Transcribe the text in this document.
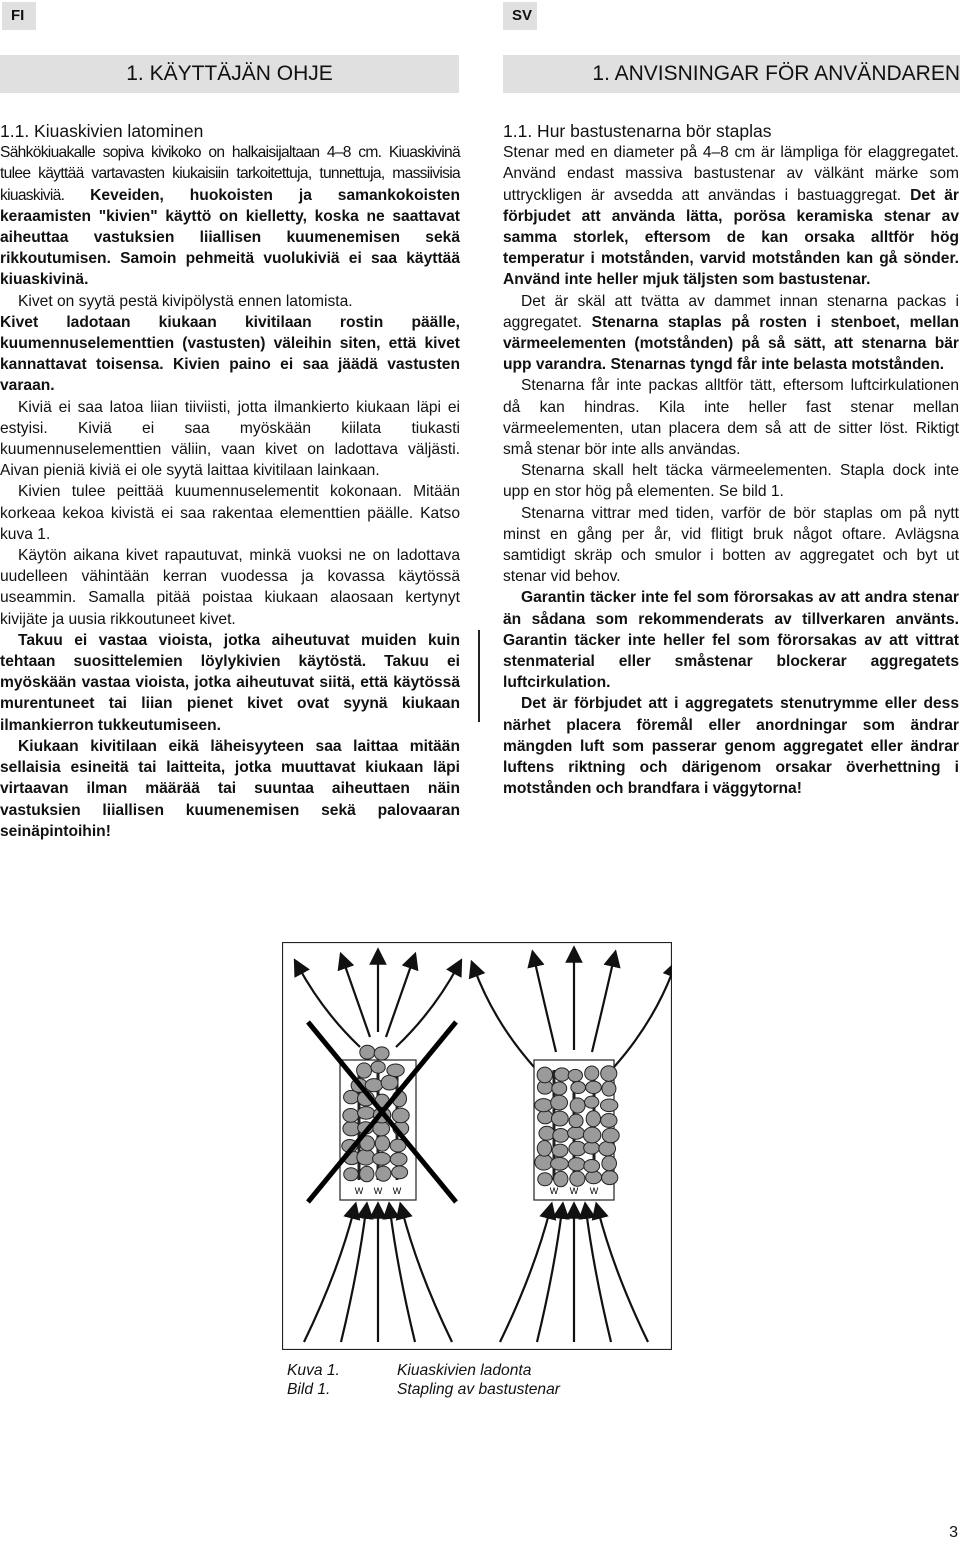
FI	SV
1. KÄYTTÄJÄN OHJE	1. ANVISNINGAR FÖR ANVÄNDAREN
1.1. Kiuaskivien latominen

Sähkökiuakalle sopiva kivikoko on halkaisijaltaan 4–8 cm. Kiuaskivinä tulee käyttää vartavasten kiukaisiin tarkoitettuja, tunnettuja, massiivisia kiuaskiviä. Keveiden, huokoisten ja samankokoisten keraamisten "kivien" käyttö on kielletty, koska ne saattavat aiheuttaa vastuksien liiallisen kuumenemisen sekä rikkoutumisen. Samoin pehmeitä vuolukiviä ei saa käyttää kiuaskivinä.

Kivet on syytä pestä kivipölystä ennen latomista.

Kivet ladotaan kiukaan kivitilaan rostin päälle, kuumennuselementtien (vastusten) väleihin siten, että kivet kannattavat toisensa. Kivien paino ei saa jäädä vastusten varaan.

Kiviä ei saa latoa liian tiiviisti, jotta ilmankierto kiukaan läpi ei estyisi. Kiviä ei saa myöskään kiilata tiukasti kuumennuselementtien väliin, vaan kivet on ladottava väljästi. Aivan pieniä kiviä ei ole syytä laittaa kivitilaan lainkaan.

Kivien tulee peittää kuumennuselementit kokonaan. Mitään korkeaa kekoa kivistä ei saa rakentaa elementtien päälle. Katso kuva 1.

Käytön aikana kivet rapautuvat, minkä vuoksi ne on ladottava uudelleen vähintään kerran vuodessa ja kovassa käytössä useammin. Samalla pitää poistaa kiukaan alaosaan kertynyt kivijäte ja uusia rikkoutuneet kivet.

Takuu ei vastaa vioista, jotka aiheutuvat muiden kuin tehtaan suosittelemien löylykivien käytöstä. Takuu ei myöskään vastaa vioista, jotka aiheutuvat siitä, että käytössä murentuneet tai liian pienet kivet ovat syynä kiukaan ilmankierron tukkeutumiseen.

Kiukaan kivitilaan eikä läheisyyteen saa laittaa mitään sellaisia esineitä tai laitteita, jotka muuttavat kiukaan läpi virtaavan ilman määrää tai suuntaa aiheuttaen näin vastuksien liiallisen kuumenemisen sekä palovaaran seinäpintoihin!

1.1. Hur bastustenarna bör staplas

Stenar med en diameter på 4–8 cm är lämpliga för elaggregatet. Använd endast massiva bastustenar av välkänt märke som uttryckligen är avsedda att användas i bastuaggregat. Det är förbjudet att använda lätta, porösa keramiska stenar av samma storlek, eftersom de kan orsaka alltför hög temperatur i motstånden, varvid motstånden kan gå sönder. Använd inte heller mjuk täljsten som bastustenar.

Det är skäl att tvätta av dammet innan stenarna packas i aggregatet. Stenarna staplas på rosten i stenboet, mellan värmeelementen (motstånden) på så sätt, att stenarna bär upp varandra. Stenarnas tyngd får inte belasta motstånden.

Stenarna får inte packas alltför tätt, eftersom luftcirkulationen då kan hindras. Kila inte heller fast stenar mellan värmeelementen, utan placera dem så att de sitter löst. Riktigt små stenar bör inte alls användas.

Stenarna skall helt täcka värmeelementen. Stapla dock inte upp en stor hög på elementen. Se bild 1.

Stenarna vittrar med tiden, varför de bör staplas om på nytt minst en gång per år, vid flitigt bruk något oftare. Avlägsna samtidigt skräp och smulor i botten av aggregatet och byt ut stenar vid behov.

Garantin täcker inte fel som förorsakas av att andra stenar än sådana som rekommenderats av tillverkaren använts. Garantin täcker inte heller fel som förorsakas av att vittrat stenmaterial eller småstenar blockerar aggregatets luftcirkulation.

Det är förbjudet att i aggregatets stenutrymme eller dess närhet placera föremål eller anordningar som ändrar mängden luft som passerar genom aggregatet eller ändrar luftens riktning och därigenom orsakar överhettning i motstånden och brandfara i väggytorna!

W W W	W W W
Kuva 1.	Kiuaskivien ladonta
Bild 1.	Stapling av bastustenar
3
